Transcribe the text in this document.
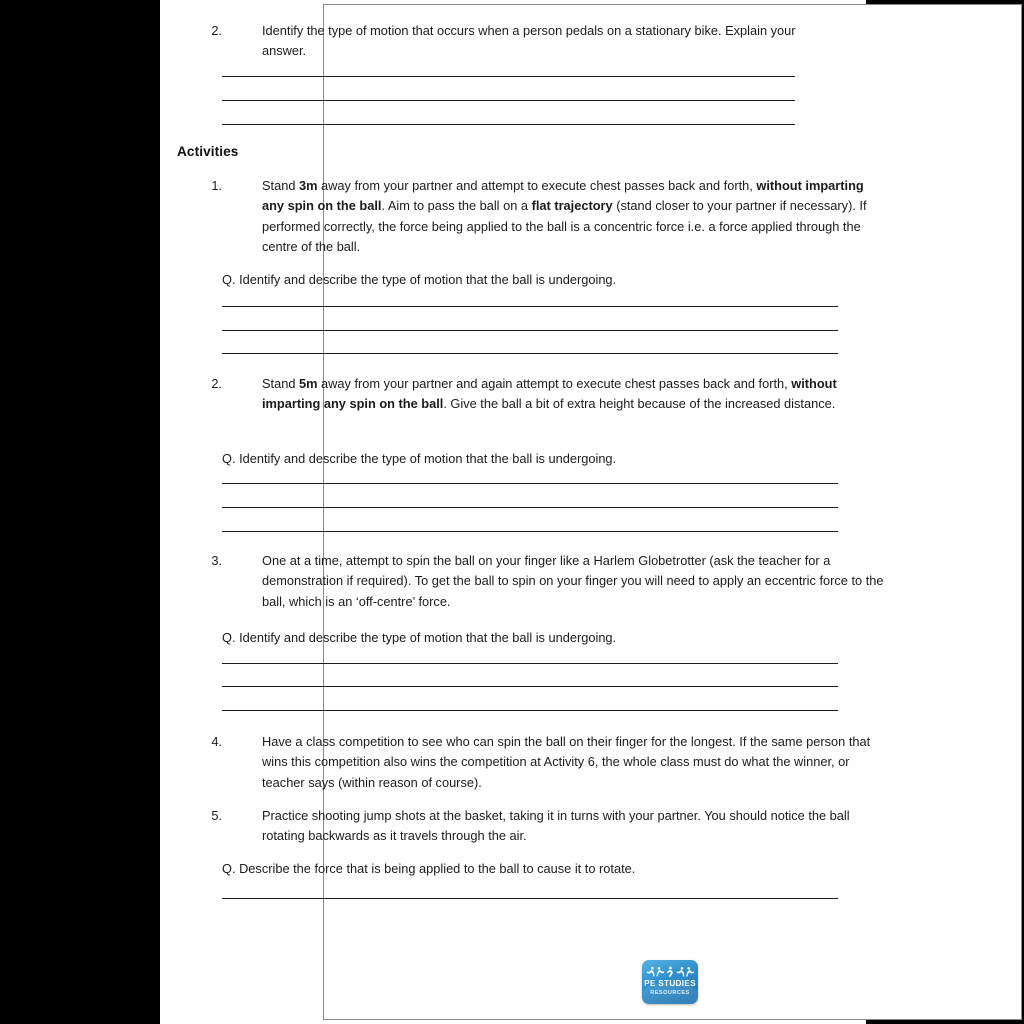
2.	Identify the type of motion that occurs when a person pedals on a stationary bike. Explain your answer.
Activities
1.	Stand 3m away from your partner and attempt to execute chest passes back and forth, without imparting any spin on the ball. Aim to pass the ball on a flat trajectory (stand closer to your partner if necessary). If performed correctly, the force being applied to the ball is a concentric force i.e. a force applied through the centre of the ball.
Q. Identify and describe the type of motion that the ball is undergoing.
2.	Stand 5m away from your partner and again attempt to execute chest passes back and forth, without imparting any spin on the ball. Give the ball a bit of extra height because of the increased distance.
Q. Identify and describe the type of motion that the ball is undergoing.
3.	One at a time, attempt to spin the ball on your finger like a Harlem Globetrotter (ask the teacher for a demonstration if required). To get the ball to spin on your finger you will need to apply an eccentric force to the ball, which is an ‘off-centre’ force.
Q. Identify and describe the type of motion that the ball is undergoing.
4.	Have a class competition to see who can spin the ball on their finger for the longest. If the same person that wins this competition also wins the competition at Activity 6, the whole class must do what the winner, or teacher says (within reason of course).
5.	Practice shooting jump shots at the basket, taking it in turns with your partner. You should notice the ball rotating backwards as it travels through the air.
Q. Describe the force that is being applied to the ball to cause it to rotate.
PE STUDIES
RESOURCES
